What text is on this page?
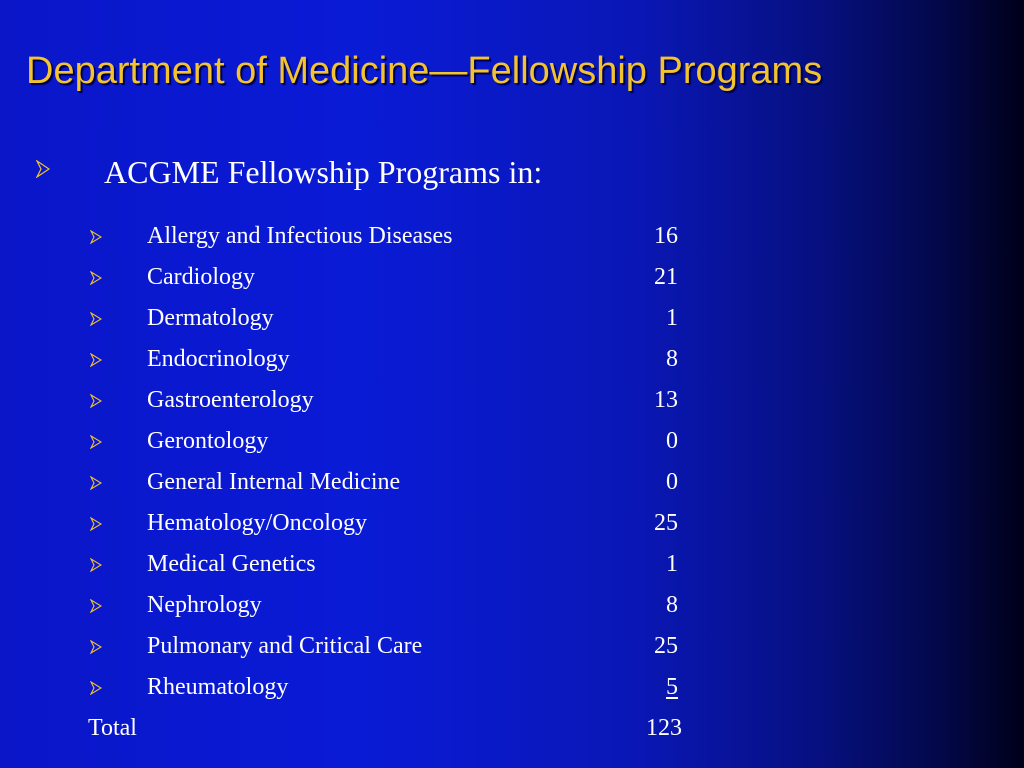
Department of Medicine—Fellowship Programs
ACGME Fellowship Programs in:
Allergy and Infectious Diseases	16
Cardiology	21
Dermatology	1
Endocrinology	8
Gastroenterology	13
Gerontology	0
General Internal Medicine	0
Hematology/Oncology	25
Medical Genetics	1
Nephrology	8
Pulmonary and Critical Care	25
Rheumatology	5
Total	123
